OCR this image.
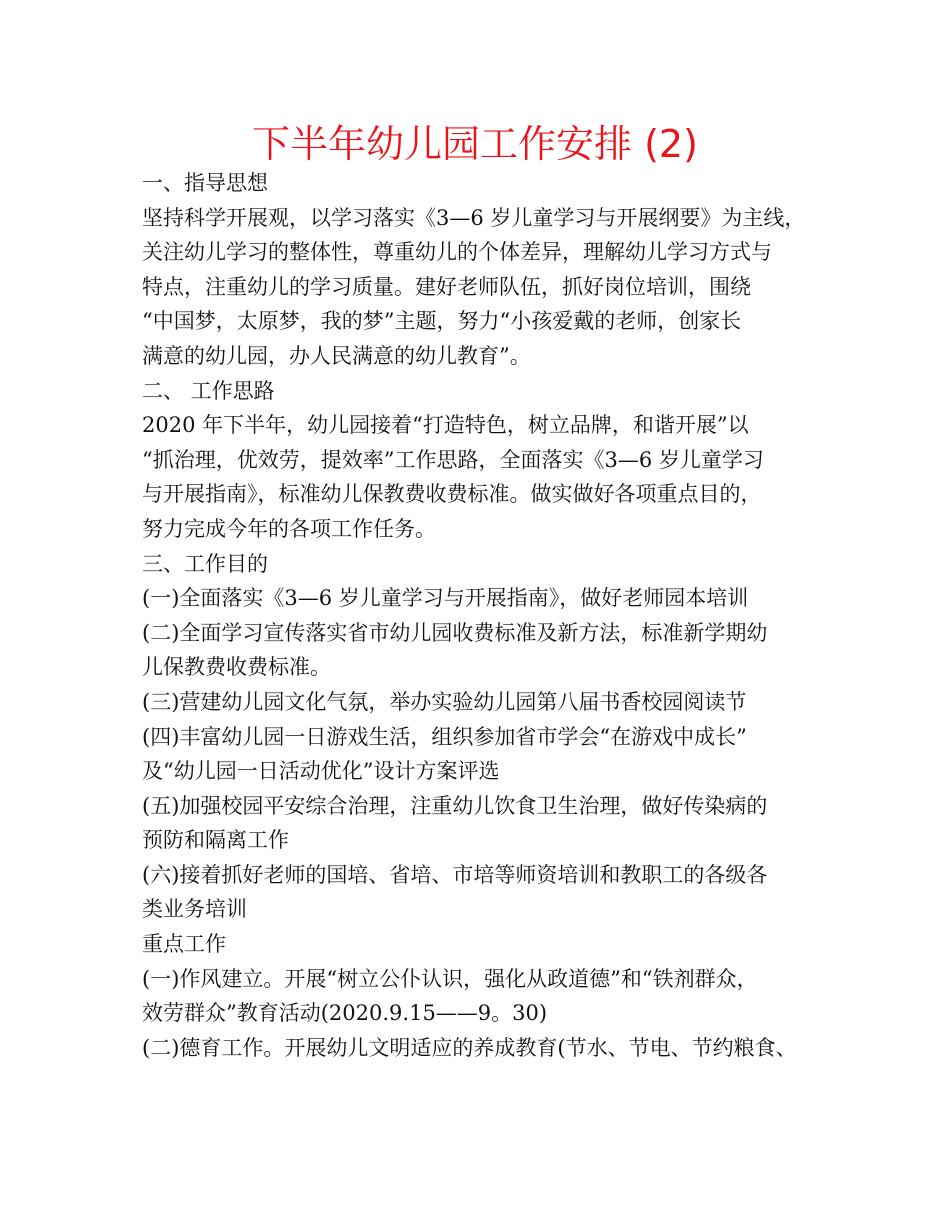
下半年幼儿园工作安排 (2)

一、指导思想

坚持科学开展观，以学习落实《3—6 岁儿童学习与开展纲要》为主线，

关注幼儿学习的整体性，尊重幼儿的个体差异，理解幼儿学习方式与

特点，注重幼儿的学习质量。建好老师队伍，抓好岗位培训，围绕

“中国梦，太原梦，我的梦”主题，努力“小孩爱戴的老师，创家长

满意的幼儿园，办人民满意的幼儿教育”。

二、 工作思路

2020 年下半年，幼儿园接着“打造特色，树立品牌，和谐开展”以

“抓治理，优效劳，提效率”工作思路，全面落实《3—6 岁儿童学习

与开展指南》，标准幼儿保教费收费标准。做实做好各项重点目的，

努力完成今年的各项工作任务。

三、工作目的

(一)全面落实《3—6 岁儿童学习与开展指南》，做好老师园本培训

(二)全面学习宣传落实省市幼儿园收费标准及新方法，标准新学期幼

儿保教费收费标准。

(三)营建幼儿园文化气氛，举办实验幼儿园第八届书香校园阅读节

(四)丰富幼儿园一日游戏生活，组织参加省市学会“在游戏中成长”

及“幼儿园一日活动优化”设计方案评选

(五)加强校园平安综合治理，注重幼儿饮食卫生治理，做好传染病的

预防和隔离工作

(六)接着抓好老师的国培、省培、市培等师资培训和教职工的各级各

类业务培训

重点工作

(一)作风建立。开展“树立公仆认识，强化从政道德”和“铁剂群众，

效劳群众”教育活动(2020.9.15——9。30)

(二)德育工作。开展幼儿文明适应的养成教育(节水、节电、节约粮食、
